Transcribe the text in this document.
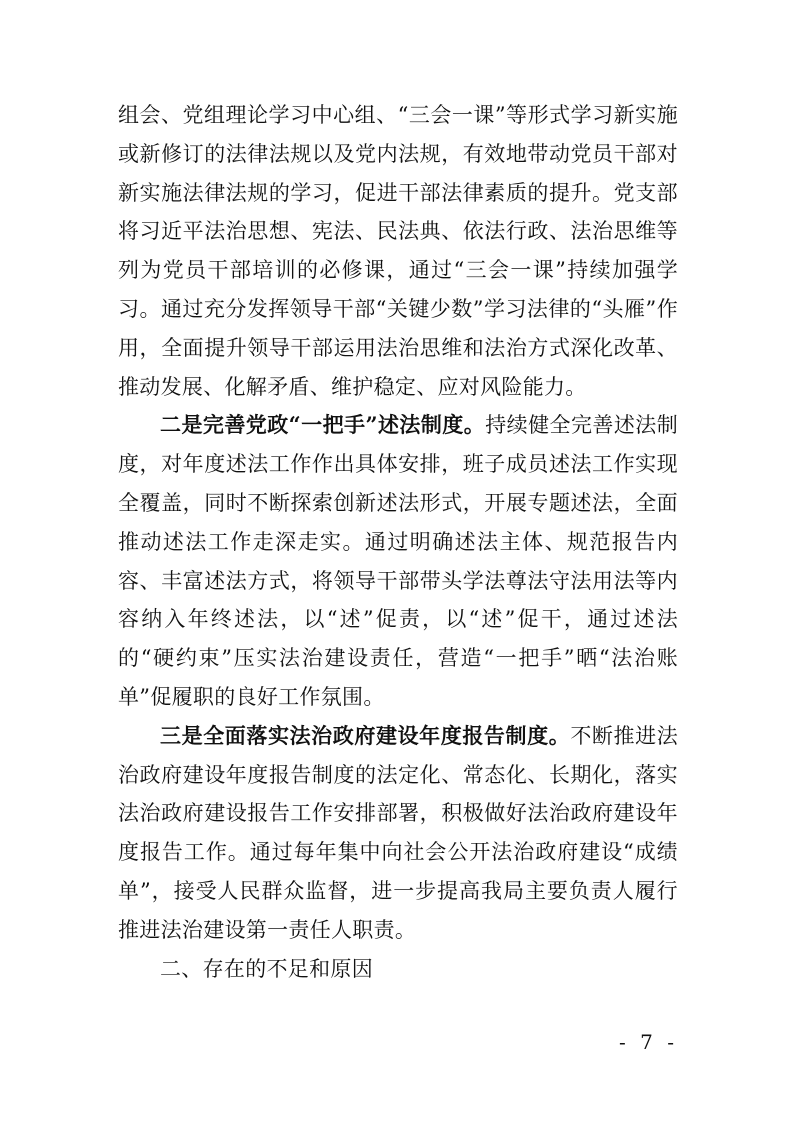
组会、党组理论学习中心组、“三会一课”等形式学习新实施或新修订的法律法规以及党内法规，有效地带动党员干部对新实施法律法规的学习，促进干部法律素质的提升。党支部将习近平法治思想、宪法、民法典、依法行政、法治思维等列为党员干部培训的必修课，通过“三会一课”持续加强学习。通过充分发挥领导干部“关键少数”学习法律的“头雁”作用，全面提升领导干部运用法治思维和法治方式深化改革、推动发展、化解矛盾、维护稳定、应对风险能力。

二是完善党政“一把手”述法制度。持续健全完善述法制度，对年度述法工作作出具体安排，班子成员述法工作实现全覆盖，同时不断探索创新述法形式，开展专题述法，全面推动述法工作走深走实。通过明确述法主体、规范报告内容、丰富述法方式，将领导干部带头学法尊法守法用法等内容纳入年终述法，以“述”促责，以“述”促干，通过述法的“硬约束”压实法治建设责任，营造“一把手”晒“法治账单”促履职的良好工作氛围。

三是全面落实法治政府建设年度报告制度。不断推进法治政府建设年度报告制度的法定化、常态化、长期化，落实法治政府建设报告工作安排部署，积极做好法治政府建设年度报告工作。通过每年集中向社会公开法治政府建设“成绩单”，接受人民群众监督，进一步提高我局主要负责人履行推进法治建设第一责任人职责。

二、存在的不足和原因

- 7 -
